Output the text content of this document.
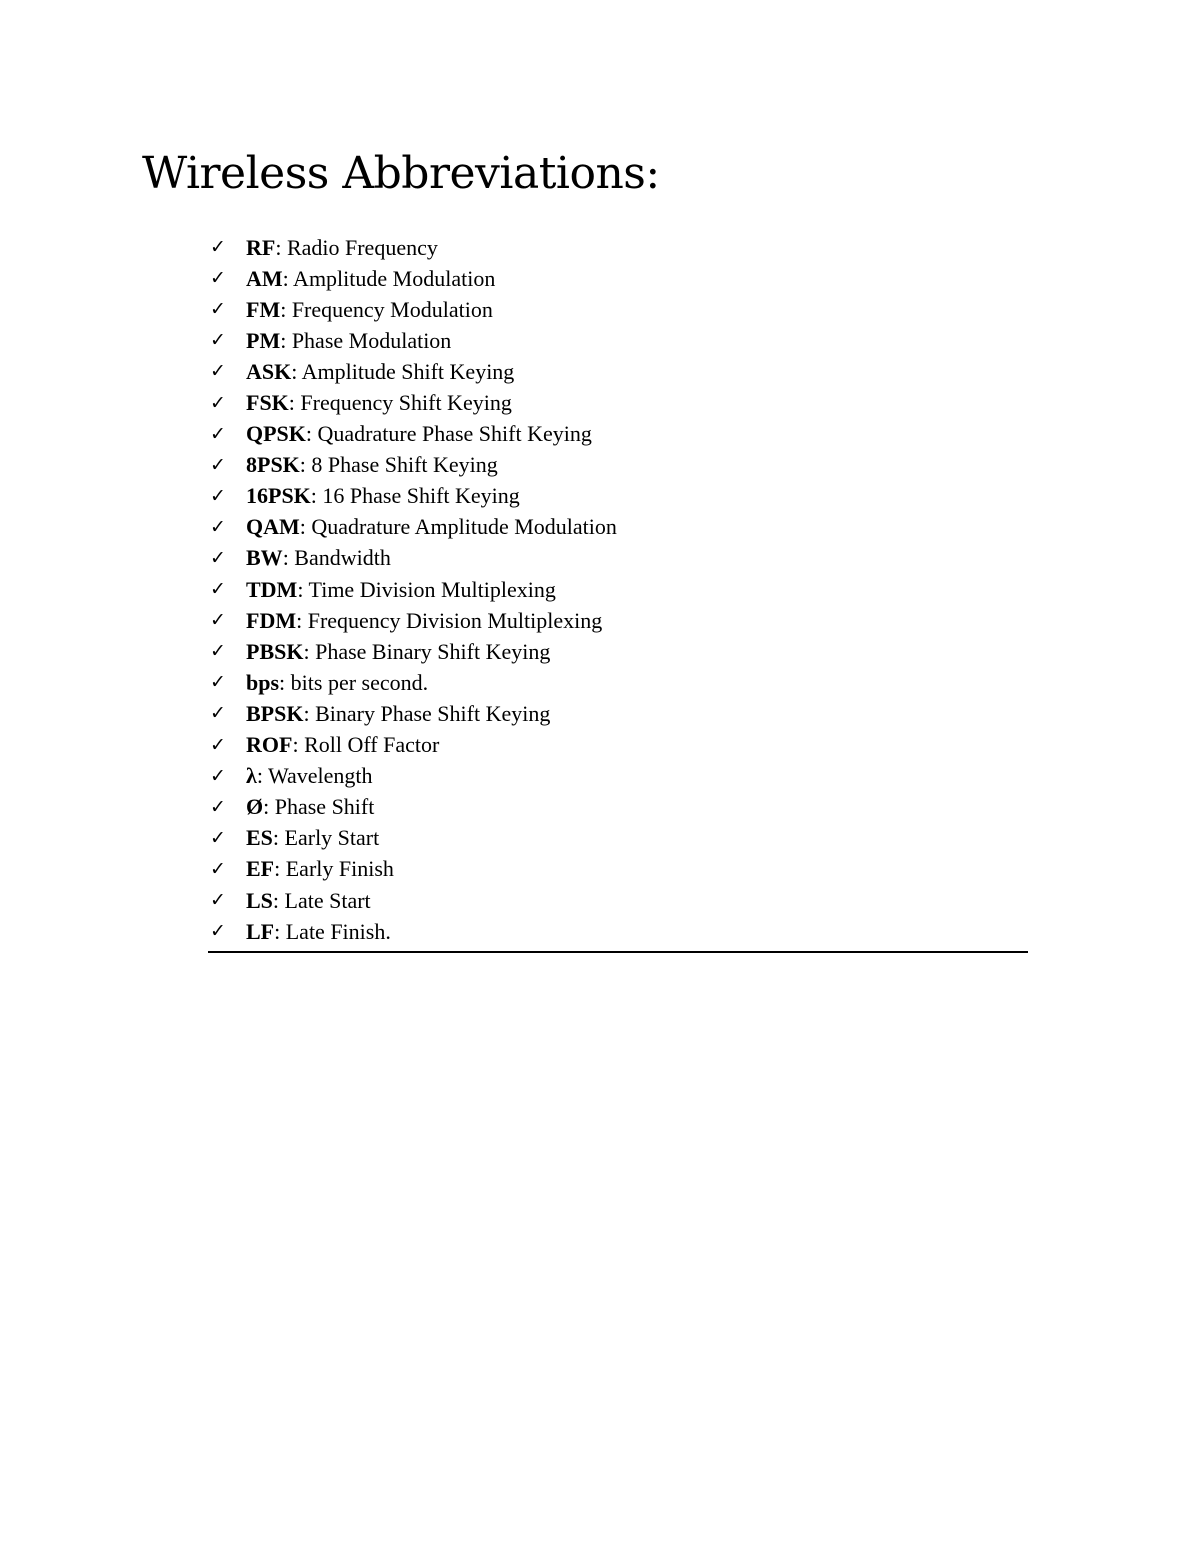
Wireless Abbreviations:
✓ RF : Radio Frequency
✓ AM : Amplitude Modulation
✓ FM : Frequency Modulation
✓ PM : Phase Modulation
✓ ASK : Amplitude Shift Keying
✓ FSK : Frequency Shift Keying
✓ QPSK : Quadrature Phase Shift Keying
✓ 8PSK : 8 Phase Shift Keying
✓ 16PSK : 16 Phase Shift Keying
✓ QAM : Quadrature Amplitude Modulation
✓ BW : Bandwidth
✓ TDM : Time Division Multiplexing
✓ FDM : Frequency Division Multiplexing
✓ PBSK : Phase Binary Shift Keying
✓ bps : bits per second.
✓ BPSK : Binary Phase Shift Keying
✓ ROF : Roll Off Factor
✓ λ : Wavelength
✓ Ø : Phase Shift
✓ ES : Early Start
✓ EF : Early Finish
✓ LS : Late Start
✓ LF : Late Finish.
